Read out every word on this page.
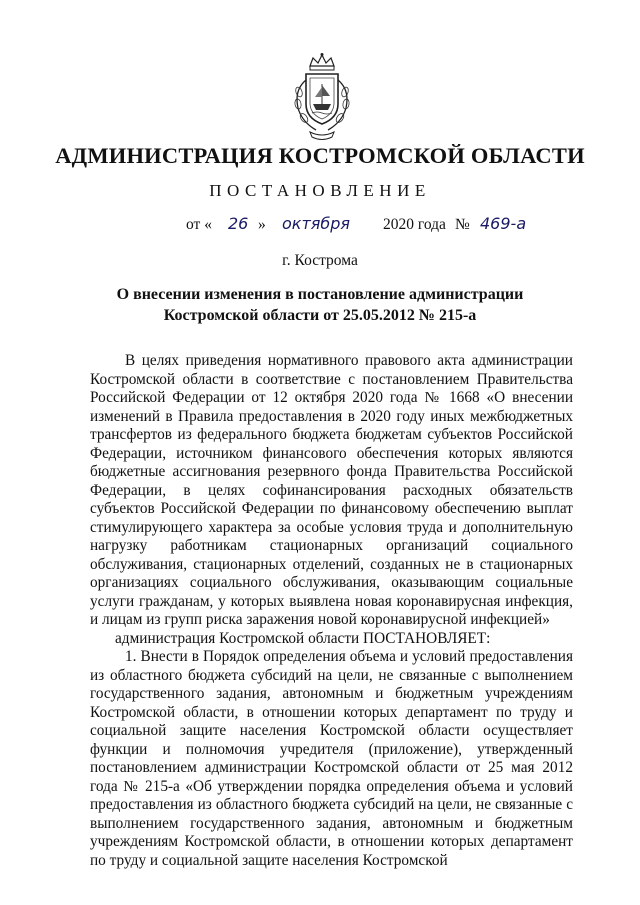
АДМИНИСТРАЦИЯ КОСТРОМСКОЙ ОБЛАСТИ
ПОСТАНОВЛЕНИЕ
от « 26 » октября 2020 года № 469-а
г. Кострома
О внесении изменения в постановление администрации
Костромской области от 25.05.2012 № 215-а

В целях приведения нормативного правового акта администрации Костромской области в соответствие с постановлением Правительства Российской Федерации от 12 октября 2020 года № 1668 «О внесении изменений в Правила предоставления в 2020 году иных межбюджетных трансфертов из федерального бюджета бюджетам субъектов Российской Федерации, источником финансового обеспечения которых являются бюджетные ассигнования резервного фонда Правительства Российской Федерации, в целях софинансирования расходных обязательств субъектов Российской Федерации по финансовому обеспечению выплат стимулирующего характера за особые условия труда и дополнительную нагрузку работникам стационарных организаций социального обслуживания, стационарных отделений, созданных не в стационарных организациях социального обслуживания, оказывающим социальные услуги гражданам, у которых выявлена новая коронавирусная инфекция, и лицам из групп риска заражения новой коронавирусной инфекцией»

администрация Костромской области ПОСТАНОВЛЯЕТ:

1. Внести в Порядок определения объема и условий предоставления из областного бюджета субсидий на цели, не связанные с выполнением государственного задания, автономным и бюджетным учреждениям Костромской области, в отношении которых департамент по труду и социальной защите населения Костромской области осуществляет функции и полномочия учредителя (приложение), утвержденный постановлением администрации Костромской области от 25 мая 2012 года № 215-а «Об утверждении порядка определения объема и условий предоставления из областного бюджета субсидий на цели, не связанные с выполнением государственного задания, автономным и бюджетным учреждениям Костромской области, в отношении которых департамент по труду и социальной защите населения Костромской
